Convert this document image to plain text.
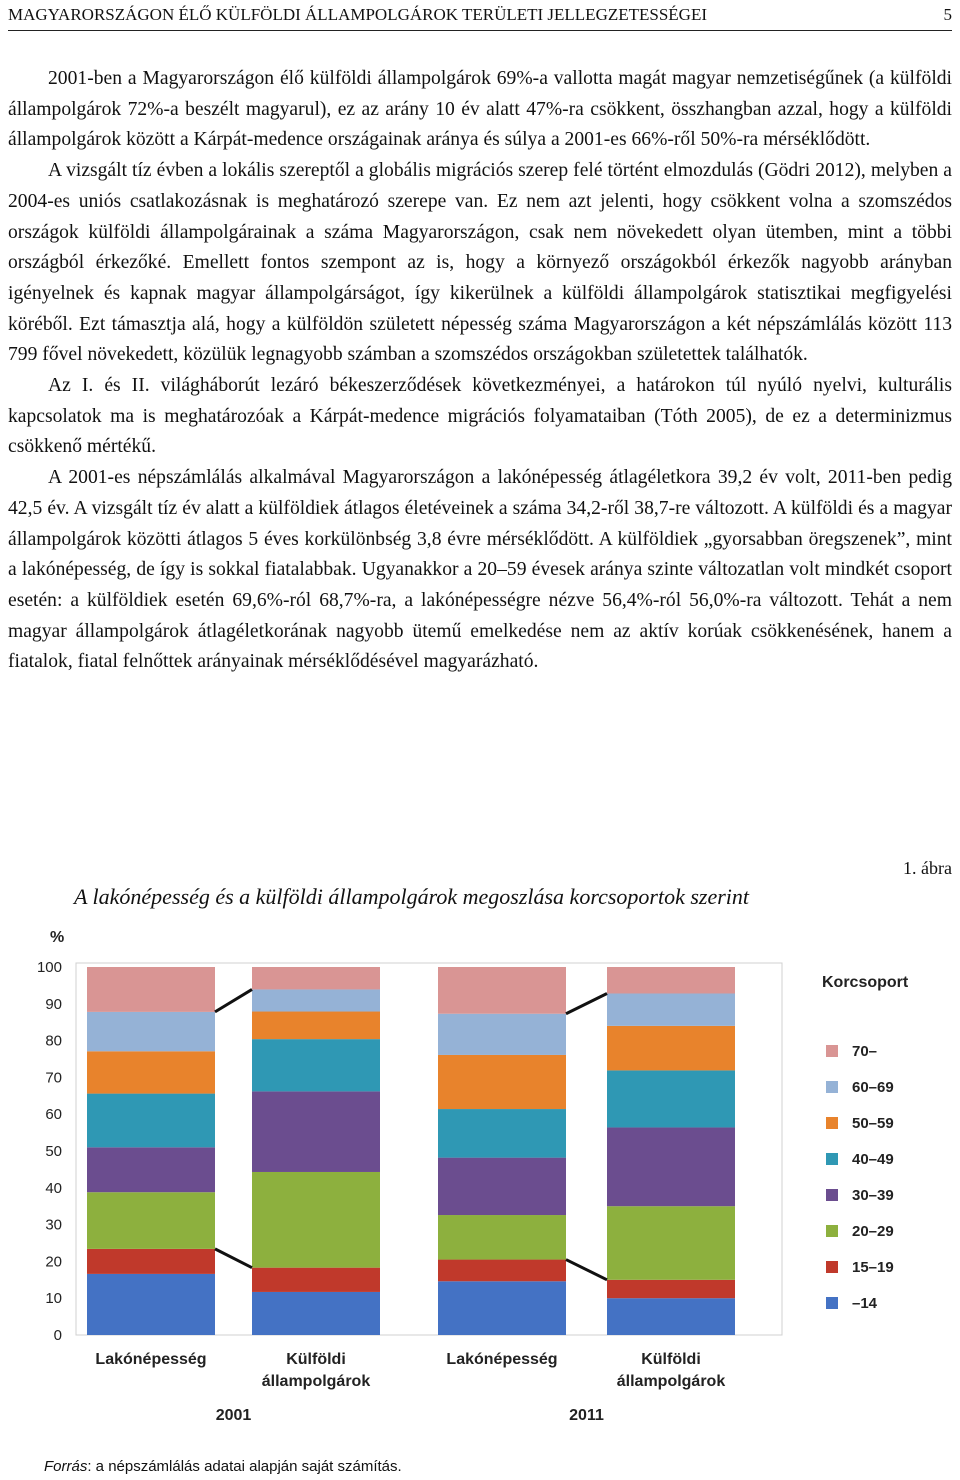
MAGYARORSZÁGON ÉLŐ KÜLFÖLDI ÁLLAMPOLGÁROK TERÜLETI JELLEGZETESSÉGEI	5

2001-ben a Magyarországon élő külföldi állampolgárok 69%-a vallotta magát magyar nemzetiségűnek (a külföldi állampolgárok 72%-a beszélt magyarul), ez az arány 10 év alatt 47%-ra csökkent, összhangban azzal, hogy a külföldi állampolgárok között a Kárpát-medence országainak aránya és súlya a 2001-es 66%-ről 50%-ra mérséklődött.

A vizsgált tíz évben a lokális szereptől a globális migrációs szerep felé történt elmozdulás (Gödri 2012), melyben a 2004-es uniós csatlakozásnak is meghatározó szerepe van. Ez nem azt jelenti, hogy csökkent volna a szomszédos országok külföldi állampolgárainak a száma Magyarországon, csak nem növekedett olyan ütemben, mint a többi országból érkezőké. Emellett fontos szempont az is, hogy a környező országokból érkezők nagyobb arányban igényelnek és kapnak magyar állampolgárságot, így kikerülnek a külföldi állampolgárok statisztikai megfigyelési köréből. Ezt támasztja alá, hogy a külföldön született népesség száma Magyarországon a két népszámlálás között 113 799 fővel növekedett, közülük legnagyobb számban a szomszédos országokban születettek találhatók.

Az I. és II. világháborút lezáró békeszerződések következményei, a határokon túl nyúló nyelvi, kulturális kapcsolatok ma is meghatározóak a Kárpát-medence migrációs folyamataiban (Tóth 2005), de ez a determinizmus csökkenő mértékű.

A 2001-es népszámlálás alkalmával Magyarországon a lakónépesség átlagéletkora 39,2 év volt, 2011-ben pedig 42,5 év. A vizsgált tíz év alatt a külföldiek átlagos életéveinek a száma 34,2-ről 38,7-re változott. A külföldi és a magyar állampolgárok közötti átlagos 5 éves korkülönbség 3,8 évre mérséklődött. A külföldiek „gyorsabban öregszenek”, mint a lakónépesség, de így is sokkal fiatalabbak. Ugyanakkor a 20–59 évesek aránya szinte változatlan volt mindkét csoport esetén: a külföldiek esetén 69,6%-ról 68,7%-ra, a lakónépességre nézve 56,4%-ról 56,0%-ra változott. Tehát a nem magyar állampolgárok átlagéletkorának nagyobb ütemű emelkedése nem az aktív korúak csökkenésének, hanem a fiatalok, fiatal felnőttek arányainak mérséklődésével magyarázható.

1. ábra
A lakónépesség és a külföldi állampolgárok megoszlása korcsoportok szerint
%
0
10
20
30
40
50
60
70
80
90
100
Lakónépesség	Külföldi
állampolgárok
Lakónépesség	Külföldi
állampolgárok
2001	2011
Korcsoport
70–
60–69
50–59
40–49
30–39
20–29
15–19
–14
Forrás: a népszámlálás adatai alapján saját számítás.
